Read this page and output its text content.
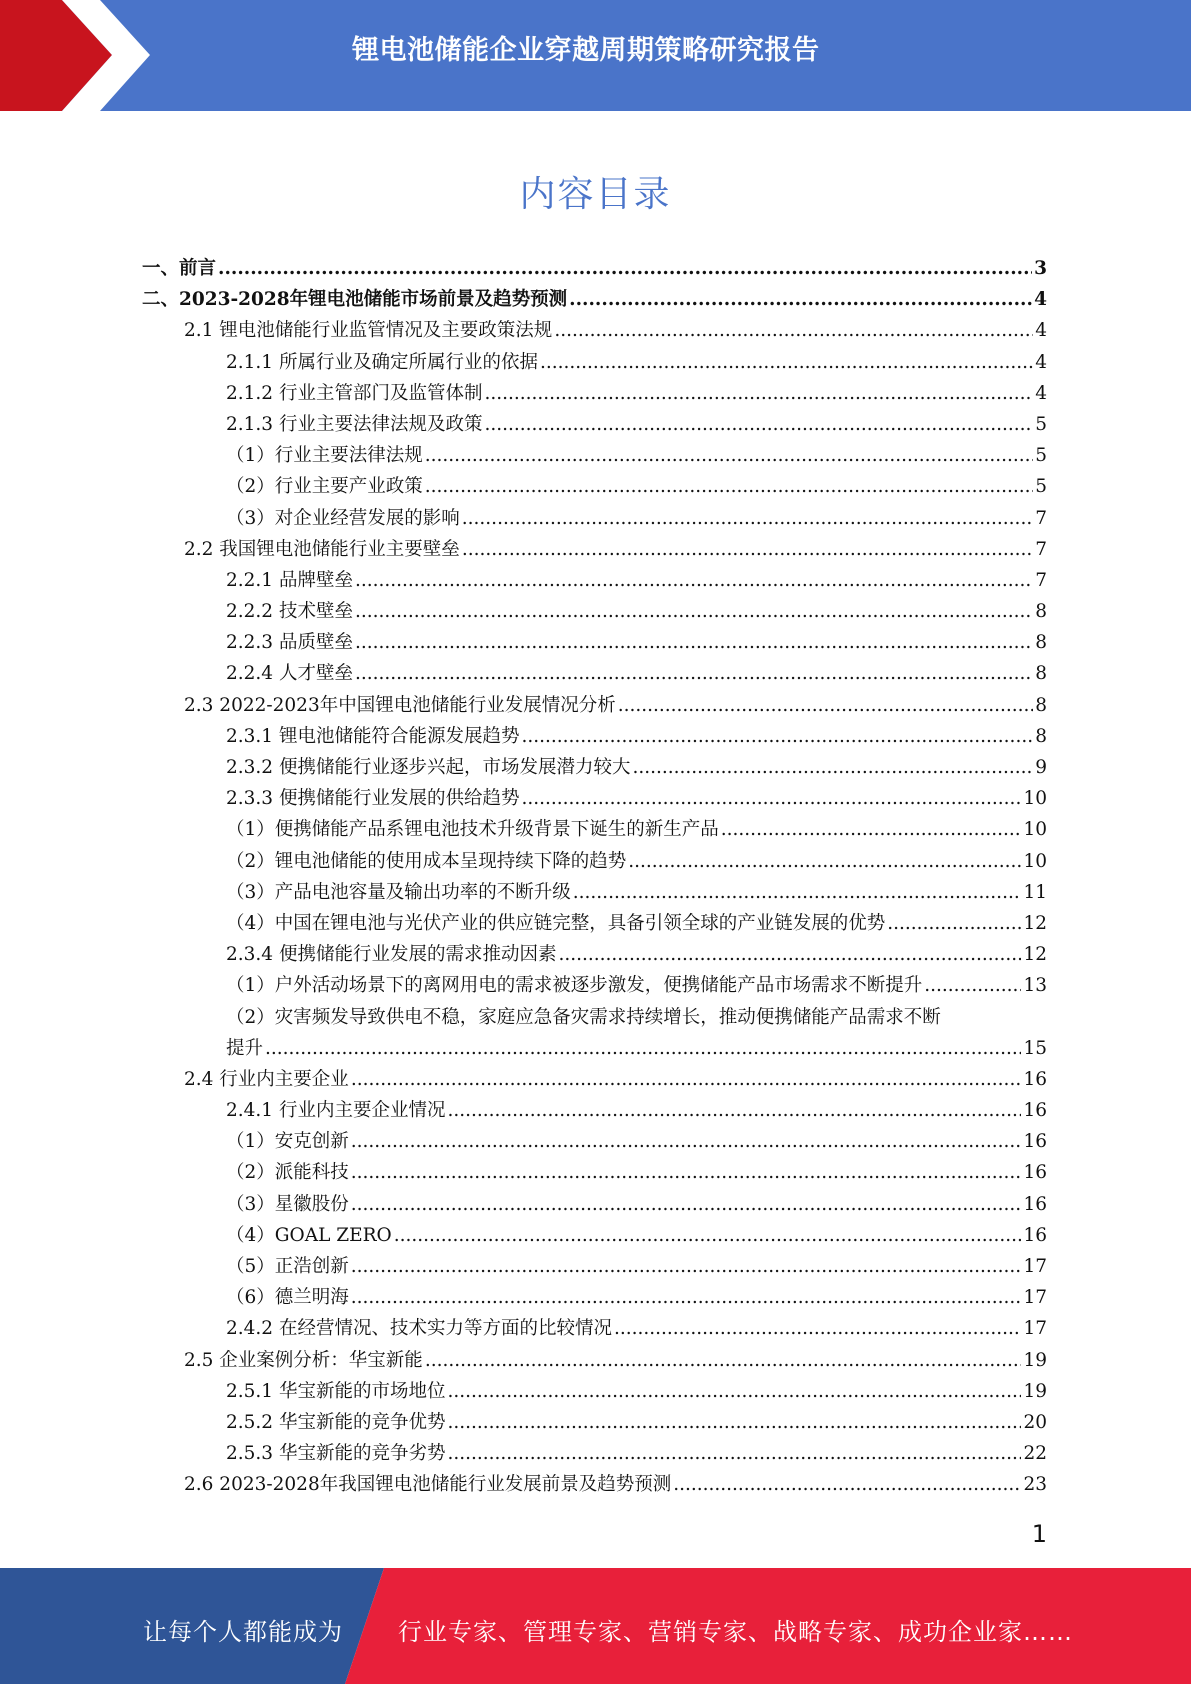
锂电池储能企业穿越周期策略研究报告
内容目录
一、前言 .....	3
二、2023-2028年锂电池储能市场前景及趋势预测 .....	4
2.1 锂电池储能行业监管情况及主要政策法规 .....	4
2.1.1 所属行业及确定所属行业的依据 .....	4
2.1.2 行业主管部门及监管体制 .....	4
2.1.3 行业主要法律法规及政策 .....	5
（1）行业主要法律法规 .....	5
（2）行业主要产业政策 .....	5
（3）对企业经营发展的影响 .....	7
2.2 我国锂电池储能行业主要壁垒 .....	7
2.2.1 品牌壁垒 .....	7
2.2.2 技术壁垒 .....	8
2.2.3 品质壁垒 .....	8
2.2.4 人才壁垒 .....	8
2.3 2022-2023年中国锂电池储能行业发展情况分析 .....	8
2.3.1 锂电池储能符合能源发展趋势 .....	8
2.3.2 便携储能行业逐步兴起，市场发展潜力较大 .....	9
2.3.3 便携储能行业发展的供给趋势 .....	10
（1）便携储能产品系锂电池技术升级背景下诞生的新生产品 .....	10
（2）锂电池储能的使用成本呈现持续下降的趋势 .....	10
（3）产品电池容量及输出功率的不断升级 .....	11
（4）中国在锂电池与光伏产业的供应链完整，具备引领全球的产业链发展的优势 .....	12
2.3.4 便携储能行业发展的需求推动因素 .....	12
（1）户外活动场景下的离网用电的需求被逐步激发，便携储能产品市场需求不断提升 .....	13
（2）灾害频发导致供电不稳，家庭应急备灾需求持续增长，推动便携储能产品需求不断
提升 .....	15
2.4 行业内主要企业 .....	16
2.4.1 行业内主要企业情况 .....	16
（1）安克创新 .....	16
（2）派能科技 .....	16
（3）星徽股份 .....	16
（4）GOAL ZERO .....	16
（5）正浩创新 .....	17
（6）德兰明海 .....	17
2.4.2 在经营情况、技术实力等方面的比较情况 .....	17
2.5 企业案例分析：华宝新能 .....	19
2.5.1 华宝新能的市场地位 .....	19
2.5.2 华宝新能的竞争优势 .....	20
2.5.3 华宝新能的竞争劣势 .....	22
2.6 2023-2028年我国锂电池储能行业发展前景及趋势预测 .....	23
1
让每个人都能成为 行业专家、管理专家、营销专家、战略专家、成功企业家……
